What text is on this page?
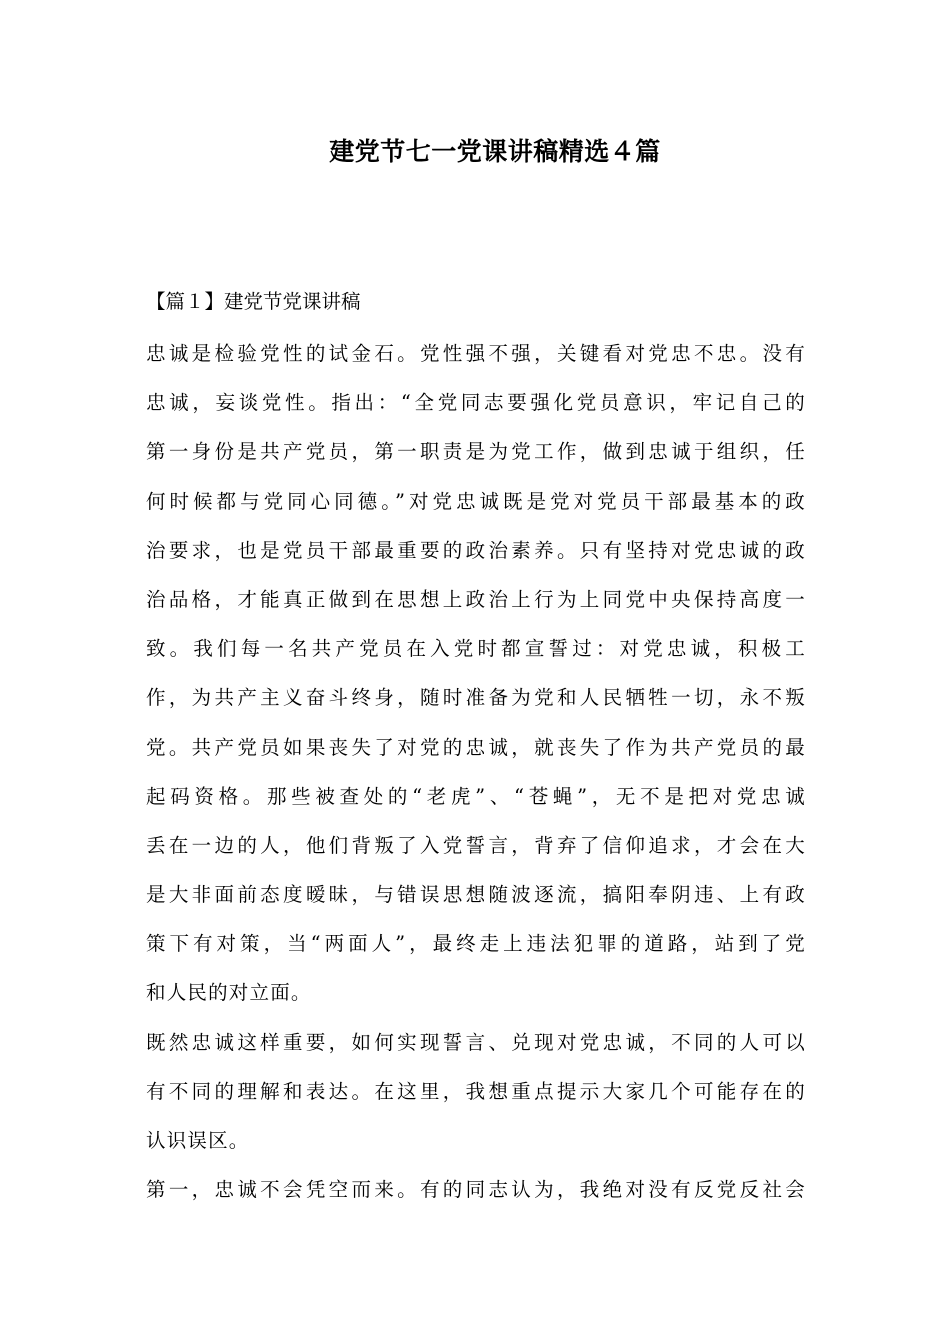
建党节七一党课讲稿精选４篇
【篇１】建党节党课讲稿
忠诚是检验党性的试金石。党性强不强，关键看对党忠不忠。没有
忠诚，妄谈党性。指出：“全党同志要强化党员意识，牢记自己的
第一身份是共产党员，第一职责是为党工作，做到忠诚于组织，任
何时候都与党同心同德。”对党忠诚既是党对党员干部最基本的政
治要求，也是党员干部最重要的政治素养。只有坚持对党忠诚的政
治品格，才能真正做到在思想上政治上行为上同党中央保持高度一
致。我们每一名共产党员在入党时都宣誓过：对党忠诚，积极工
作，为共产主义奋斗终身，随时准备为党和人民牺牲一切，永不叛
党。共产党员如果丧失了对党的忠诚，就丧失了作为共产党员的最
起码资格。那些被查处的“老虎”、“苍蝇”，无不是把对党忠诚
丢在一边的人，他们背叛了入党誓言，背弃了信仰追求，才会在大
是大非面前态度暧昧，与错误思想随波逐流，搞阳奉阴违、上有政
策下有对策，当“两面人”，最终走上违法犯罪的道路，站到了党
和人民的对立面。
既然忠诚这样重要，如何实现誓言、兑现对党忠诚，不同的人可以
有不同的理解和表达。在这里，我想重点提示大家几个可能存在的
认识误区。
第一，忠诚不会凭空而来。有的同志认为，我绝对没有反党反社会
